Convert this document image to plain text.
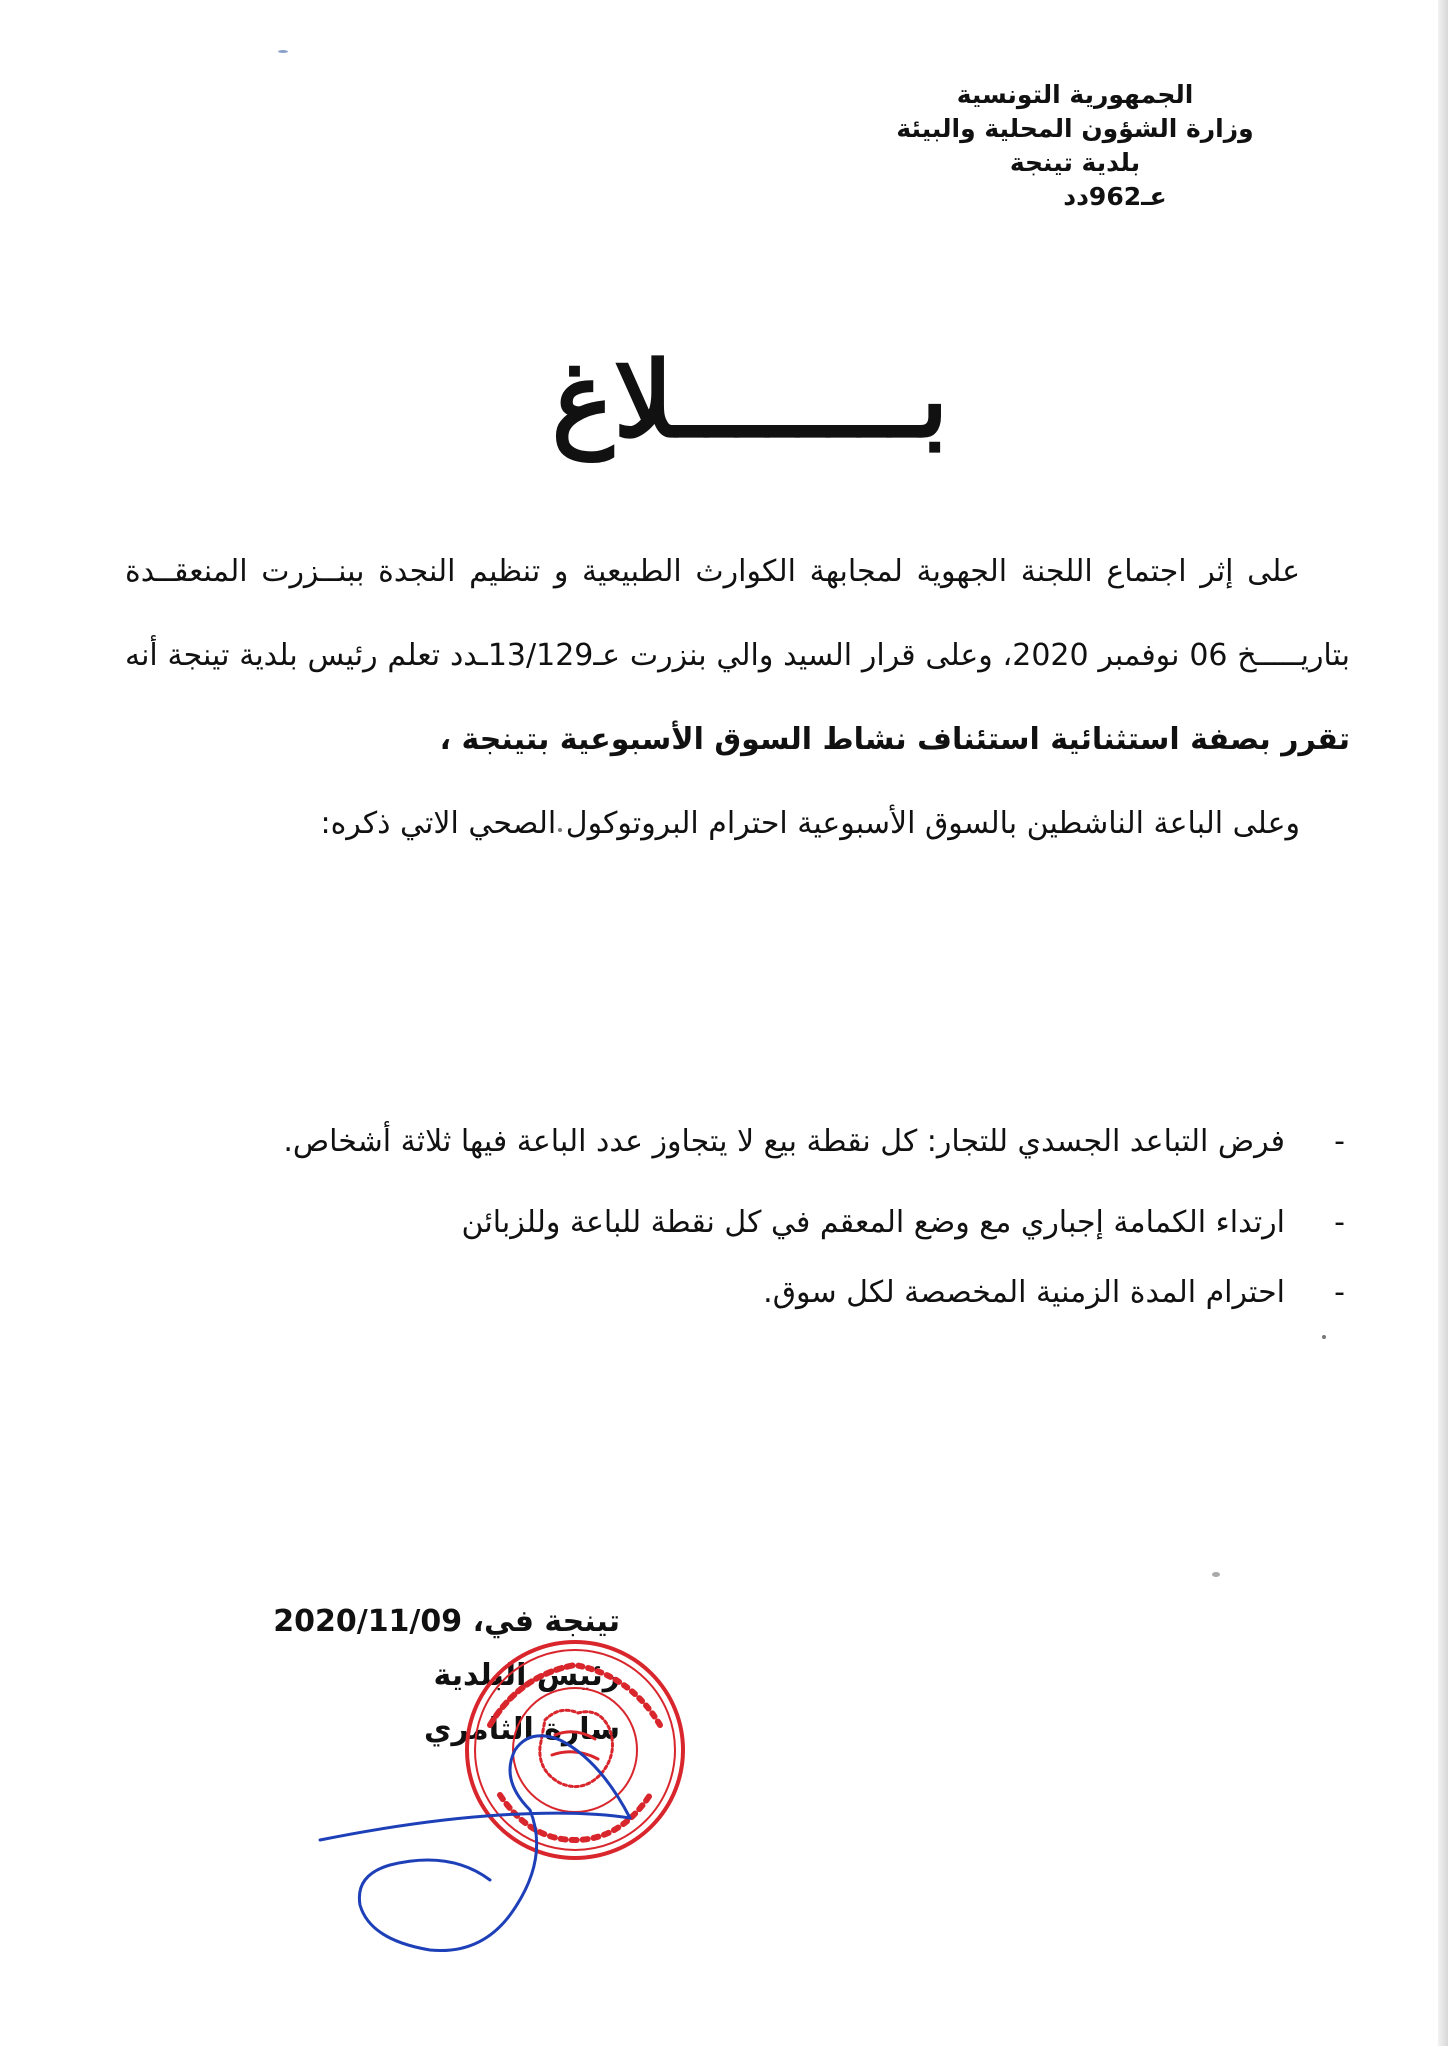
الجمهورية التونسية
وزارة الشؤون المحلية والبيئة
بلدية تينجة
عـ962دد
بــــــــلاغ

على إثر اجتماع اللجنة الجهوية لمجابهة الكوارث الطبيعية و تنظيم النجدة ببنــزرت المنعقــدة بتاريـــــخ 06 نوفمبر 2020، وعلى قرار السيد والي بنزرت عـ13/129ـدد تعلم رئيس بلدية تينجة أنه تقرر بصفة استثنائية استئناف نشاط السوق الأسبوعية بتينجة ،

وعلى الباعة الناشطين بالسوق الأسبوعية احترام البروتوكول الصحي الاتي ذكره:

-
فرض التباعد الجسدي للتجار: كل نقطة بيع لا يتجاوز عدد الباعة فيها ثلاثة أشخاص.
-
ارتداء الكمامة إجباري مع وضع المعقم في كل نقطة للباعة وللزبائن
-
احترام المدة الزمنية المخصصة لكل سوق.
تينجة في، 2020/11/09
رئيس البلدية
سارة الثامري
